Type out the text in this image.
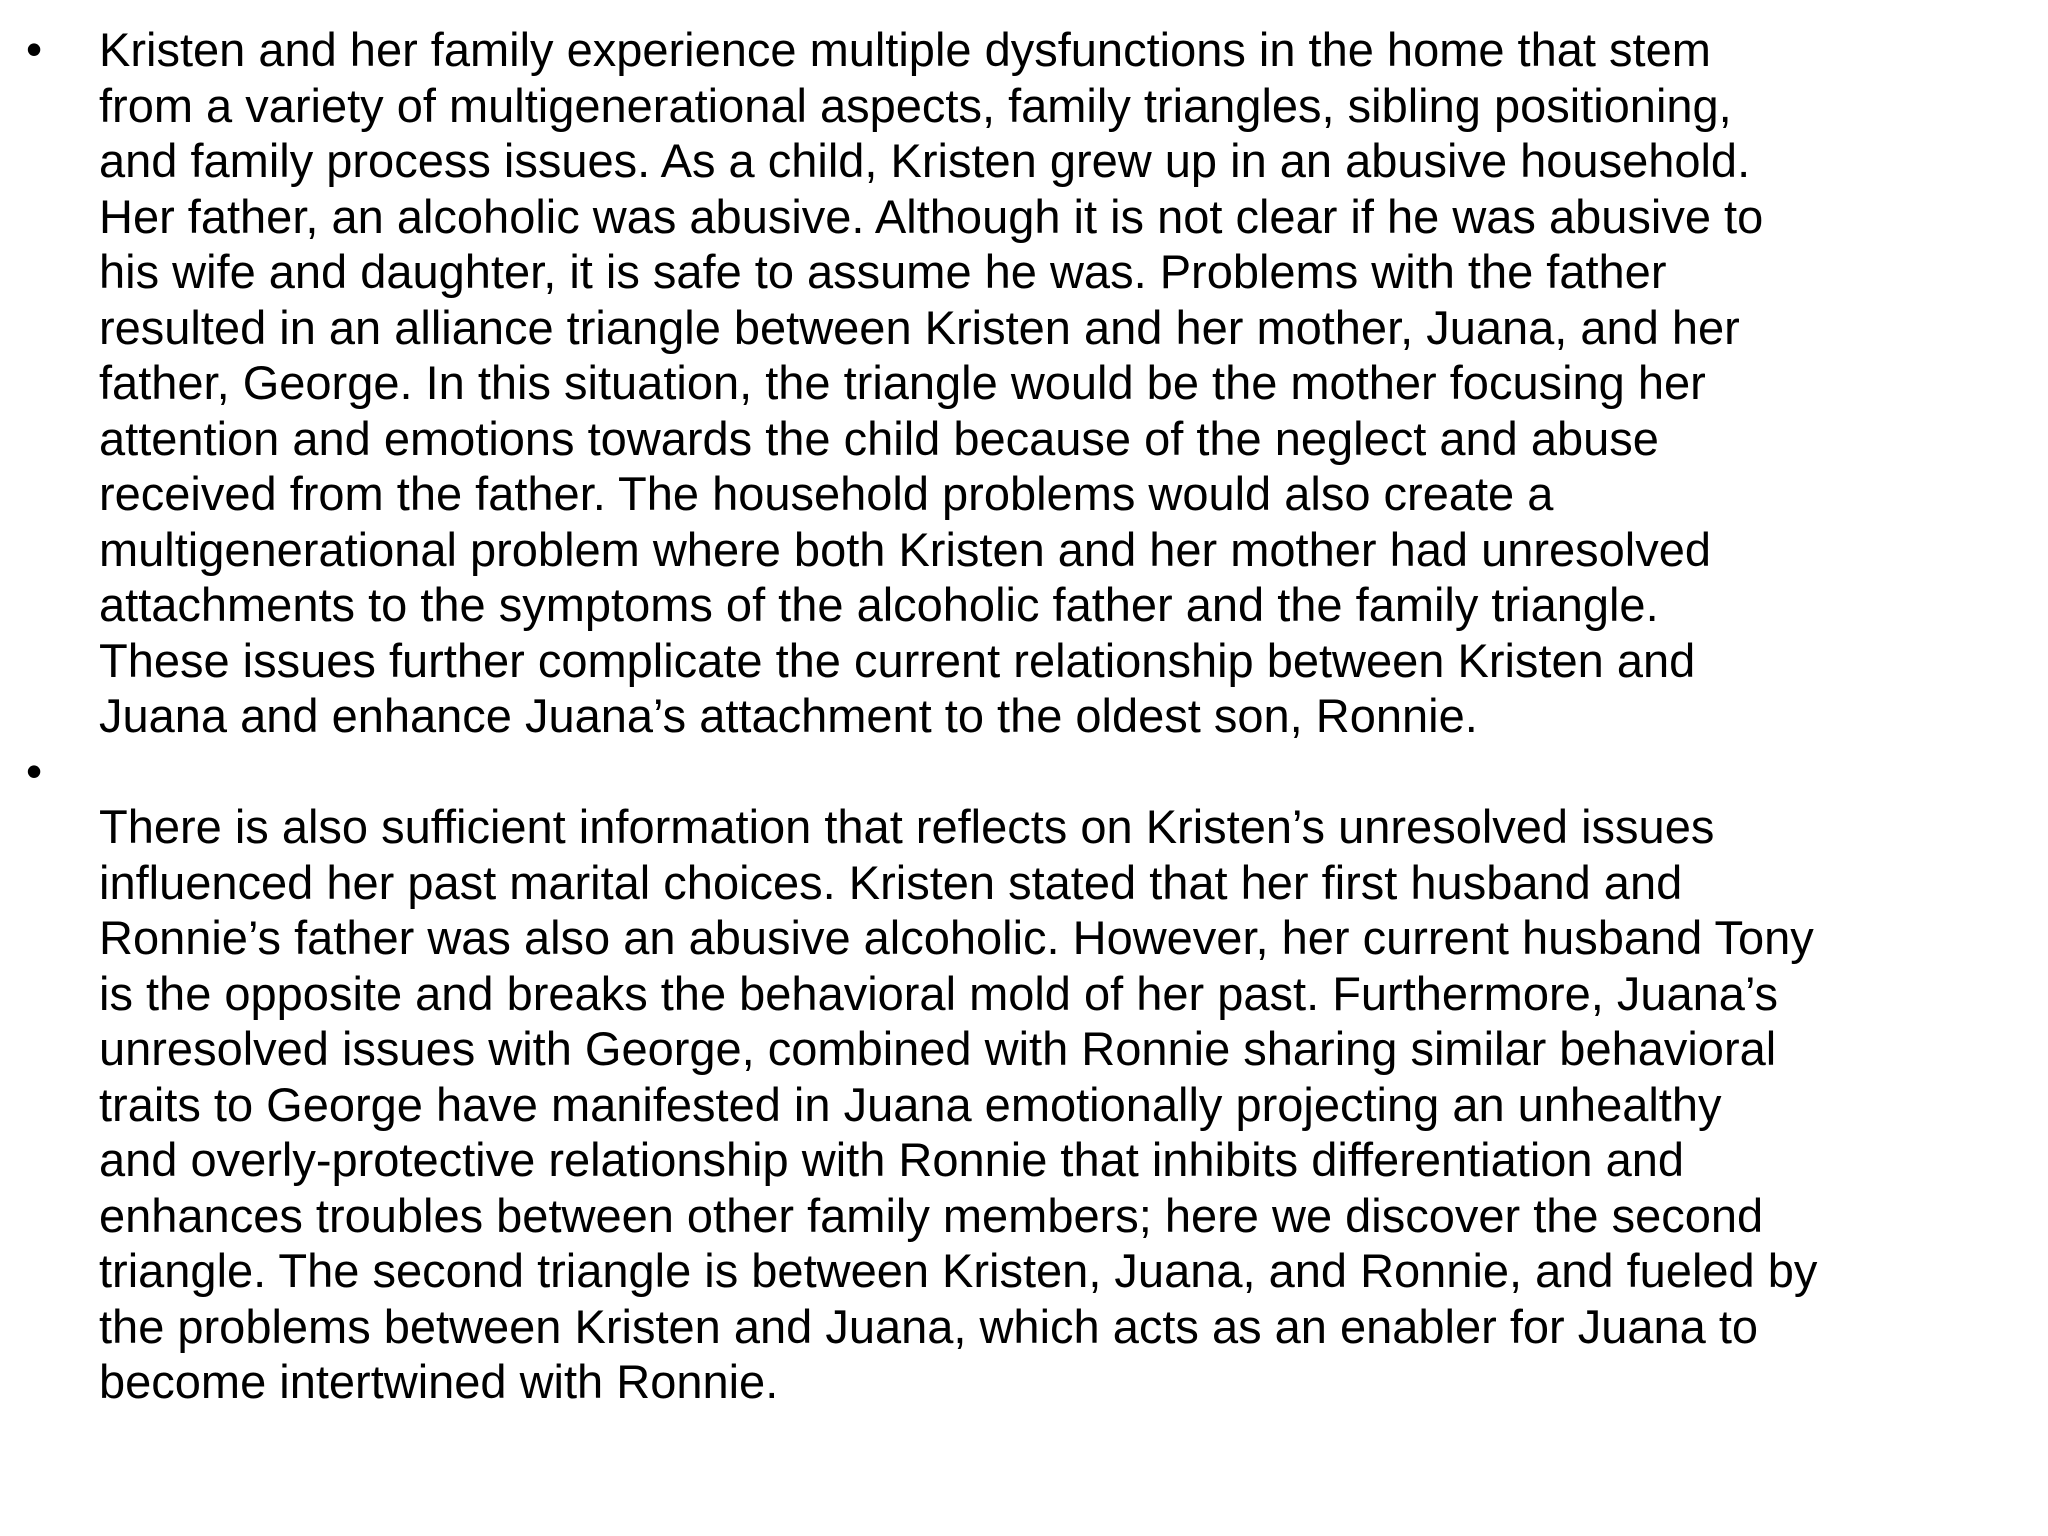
• Kristen and her family experience multiple dysfunctions in the home that stem
from a variety of multigenerational aspects, family triangles, sibling positioning,
and family process issues. As a child, Kristen grew up in an abusive household.
Her father, an alcoholic was abusive. Although it is not clear if he was abusive to
his wife and daughter, it is safe to assume he was. Problems with the father
resulted in an alliance triangle between Kristen and her mother, Juana, and her
father, George. In this situation, the triangle would be the mother focusing her
attention and emotions towards the child because of the neglect and abuse
received from the father. The household problems would also create a
multigenerational problem where both Kristen and her mother had unresolved
attachments to the symptoms of the alcoholic father and the family triangle.
These issues further complicate the current relationship between Kristen and
Juana and enhance Juana’s attachment to the oldest son, Ronnie.
•
There is also sufficient information that reflects on Kristen’s unresolved issues
influenced her past marital choices. Kristen stated that her first husband and
Ronnie’s father was also an abusive alcoholic. However, her current husband Tony
is the opposite and breaks the behavioral mold of her past. Furthermore, Juana’s
unresolved issues with George, combined with Ronnie sharing similar behavioral
traits to George have manifested in Juana emotionally projecting an unhealthy
and overly-protective relationship with Ronnie that inhibits differentiation and
enhances troubles between other family members; here we discover the second
triangle. The second triangle is between Kristen, Juana, and Ronnie, and fueled by
the problems between Kristen and Juana, which acts as an enabler for Juana to
become intertwined with Ronnie.
